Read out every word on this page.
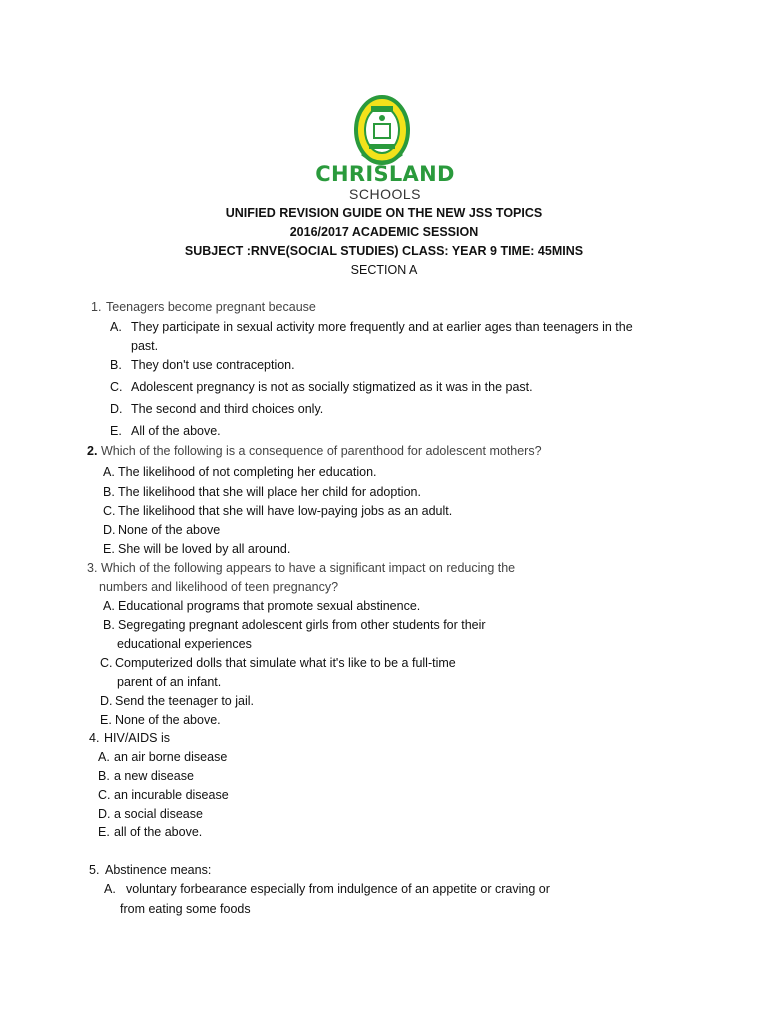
CHRISLAND
SCHOOLS
UNIFIED REVISION GUIDE ON THE NEW JSS TOPICS
2016/2017 ACADEMIC SESSION
SUBJECT :RNVE(SOCIAL STUDIES) CLASS: YEAR 9 TIME: 45MINS
SECTION A
1. Teenagers become pregnant because
A. They participate in sexual activity more frequently and at earlier ages than teenagers in the
past.
B. They don't use contraception.
C. Adolescent pregnancy is not as socially stigmatized as it was in the past.
D. The second and third choices only.
E. All of the above.
2. Which of the following is a consequence of parenthood for adolescent mothers?
A. The likelihood of not completing her education.
B. The likelihood that she will place her child for adoption.
C. The likelihood that she will have low-paying jobs as an adult.
D. None of the above
E. She will be loved by all around.
3. Which of the following appears to have a significant impact on reducing the
numbers and likelihood of teen pregnancy?
A. Educational programs that promote sexual abstinence.
B. Segregating pregnant adolescent girls from other students for their
educational experiences
C. Computerized dolls that simulate what it's like to be a full-time
parent of an infant.
D. Send the teenager to jail.
E. None of the above.
4. HIV/AIDS is
A. an air borne disease
B. a new disease
C. an incurable disease
D. a social disease
E. all of the above.
5. Abstinence means:
A. voluntary forbearance especially from indulgence of an appetite or craving or
from eating some foods
